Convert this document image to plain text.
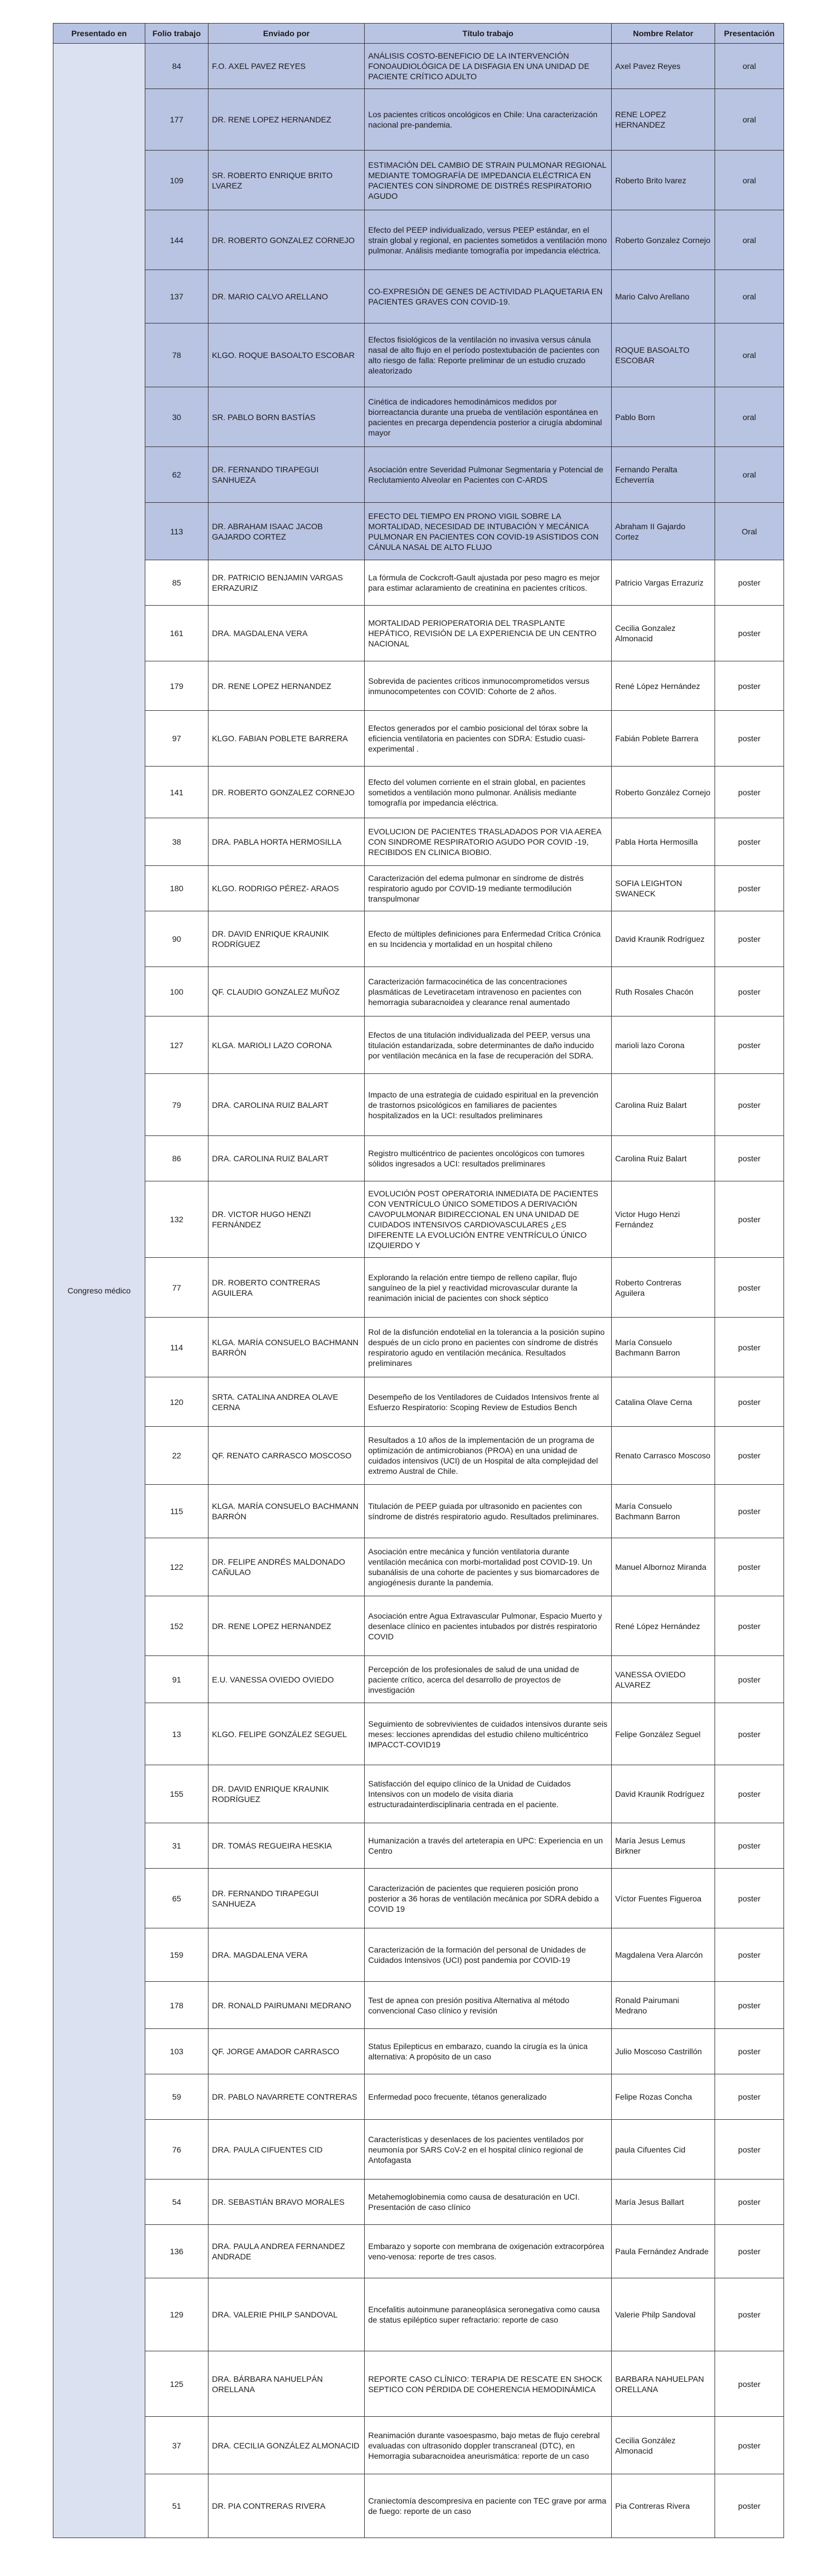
Presentado en	Folio trabajo	Enviado por	Título trabajo	Nombre Relator	Presentación
Congreso médico	84	F.O. AXEL PAVEZ REYES	ANÁLISIS COSTO-BENEFICIO DE LA INTERVENCIÓN FONOAUDIOLÓGICA DE LA DISFAGIA EN UNA UNIDAD DE PACIENTE CRÍTICO ADULTO	Axel Pavez Reyes	oral
	177	DR. RENE LOPEZ HERNANDEZ	Los pacientes críticos oncológicos en Chile: Una caracterización nacional pre-pandemia.	RENE LOPEZ HERNANDEZ	oral
	109	SR. ROBERTO ENRIQUE BRITO LVAREZ	ESTIMACIÓN DEL CAMBIO DE STRAIN PULMONAR REGIONAL MEDIANTE TOMOGRAFÍA DE IMPEDANCIA ELÉCTRICA EN PACIENTES CON SÍNDROME DE DISTRÉS RESPIRATORIO AGUDO	Roberto Brito lvarez	oral
	144	DR. ROBERTO GONZALEZ CORNEJO	Efecto del PEEP individualizado, versus PEEP estándar, en el strain global y regional, en pacientes sometidos a ventilación mono pulmonar. Análisis mediante tomografía por impedancia eléctrica.	Roberto Gonzalez Cornejo	oral
	137	DR. MARIO CALVO ARELLANO	CO-EXPRESIÓN DE GENES DE ACTIVIDAD PLAQUETARIA EN PACIENTES GRAVES CON COVID-19.	Mario Calvo Arellano	oral
	78	KLGO. ROQUE BASOALTO ESCOBAR	Efectos fisiológicos de la ventilación no invasiva versus cánula nasal de alto flujo en el período postextubación de pacientes con alto riesgo de falla: Reporte preliminar de un estudio cruzado aleatorizado	ROQUE BASOALTO ESCOBAR	oral
	30	SR. PABLO BORN BASTÍAS	Cinética de indicadores hemodinámicos medidos por biorreactancia durante una prueba de ventilación espontánea en pacientes en precarga dependencia posterior a cirugía abdominal mayor	Pablo Born	oral
	62	DR. FERNANDO TIRAPEGUI SANHUEZA	Asociación entre Severidad Pulmonar Segmentaria y Potencial de Reclutamiento Alveolar en Pacientes con C-ARDS	Fernando Peralta Echeverría	oral
	113	DR. ABRAHAM ISAAC JACOB GAJARDO CORTEZ	EFECTO DEL TIEMPO EN PRONO VIGIL SOBRE LA MORTALIDAD, NECESIDAD DE INTUBACIÓN Y MECÁNICA PULMONAR EN PACIENTES CON COVID-19 ASISTIDOS CON CÁNULA NASAL DE ALTO FLUJO	Abraham II Gajardo Cortez	Oral
	85	DR. PATRICIO BENJAMIN VARGAS ERRAZURIZ	La fórmula de Cockcroft-Gault ajustada por peso magro es mejor para estimar aclaramiento de creatinina en pacientes críticos.	Patricio Vargas Errazuriz	poster
	161	DRA. MAGDALENA VERA	MORTALIDAD PERIOPERATORIA DEL TRASPLANTE HEPÁTICO, REVISIÓN DE LA EXPERIENCIA DE UN CENTRO NACIONAL	Cecilia Gonzalez Almonacid	poster
	179	DR. RENE LOPEZ HERNANDEZ	Sobrevida de pacientes críticos inmunocomprometidos versus inmunocompetentes con COVID: Cohorte de 2 años.	René López Hernández	poster
	97	KLGO. FABIAN POBLETE BARRERA	Efectos generados por el cambio posicional del tórax sobre la eficiencia ventilatoria en pacientes con SDRA: Estudio cuasi-experimental .	Fabián Poblete Barrera	poster
	141	DR. ROBERTO GONZALEZ CORNEJO	Efecto del volumen corriente en el strain global, en pacientes sometidos a ventilación mono pulmonar. Análisis mediante tomografía por impedancia eléctrica.	Roberto González Cornejo	poster
	38	DRA. PABLA HORTA HERMOSILLA	EVOLUCION DE PACIENTES TRASLADADOS POR VIA AEREA CON SINDROME RESPIRATORIO AGUDO POR COVID -19, RECIBIDOS EN CLINICA BIOBIO.	Pabla Horta Hermosilla	poster
	180	KLGO. RODRIGO PÉREZ- ARAOS	Caracterización del edema pulmonar en síndrome de distrés respiratorio agudo por COVID-19 mediante termodilución transpulmonar	SOFIA LEIGHTON SWANECK	poster
	90	DR. DAVID ENRIQUE KRAUNIK RODRÍGUEZ	Efecto de múltiples definiciones para Enfermedad Crítica Crónica en su Incidencia y mortalidad en un hospital chileno	David Kraunik Rodríguez	poster
	100	QF. CLAUDIO GONZALEZ MUÑOZ	Caracterización farmacocinética de las concentraciones plasmáticas de Levetiracetam intravenoso en pacientes con hemorragia subaracnoidea y clearance renal aumentado	Ruth Rosales Chacón	poster
	127	KLGA. MARIOLI LAZO CORONA	Efectos de una titulación individualizada del PEEP, versus una titulación estandarizada, sobre determinantes de daño inducido por ventilación mecánica en la fase de recuperación del SDRA.	marioli lazo Corona	poster
	79	DRA. CAROLINA RUIZ BALART	Impacto de una estrategia de cuidado espiritual en la prevención de trastornos psicológicos en familiares de pacientes hospitalizados en la UCI: resultados preliminares	Carolina Ruiz Balart	poster
	86	DRA. CAROLINA RUIZ BALART	Registro multicéntrico de pacientes oncológicos con tumores sólidos ingresados a UCI: resultados preliminares	Carolina Ruiz Balart	poster
	132	DR. VICTOR HUGO HENZI FERNÁNDEZ	EVOLUCIÓN POST OPERATORIA INMEDIATA DE PACIENTES CON VENTRÍCULO ÚNICO SOMETIDOS A DERIVACIÓN CAVOPULMONAR BIDIRECCIONAL EN UNA UNIDAD DE CUIDADOS INTENSIVOS CARDIOVASCULARES ¿ES DIFERENTE LA EVOLUCIÓN ENTRE VENTRÍCULO ÚNICO IZQUIERDO Y	Victor Hugo Henzi Fernández	poster
	77	DR. ROBERTO CONTRERAS AGUILERA	Explorando la relación entre tiempo de relleno capilar, flujo sanguíneo de la piel y reactividad microvascular durante la reanimación inicial de pacientes con shock séptico	Roberto Contreras Aguilera	poster
	114	KLGA. MARÍA CONSUELO BACHMANN BARRÓN	Rol de la disfunción endotelial en la tolerancia a la posición supino después de un ciclo prono en pacientes con síndrome de distrés respiratorio agudo en ventilación mecánica. Resultados preliminares	María Consuelo Bachmann Barron	poster
	120	SRTA. CATALINA ANDREA OLAVE CERNA	Desempeño de los Ventiladores de Cuidados Intensivos frente al Esfuerzo Respiratorio: Scoping Review de Estudios Bench	Catalina Olave Cerna	poster
	22	QF. RENATO CARRASCO MOSCOSO	Resultados a 10 años de la implementación de un programa de optimización de antimicrobianos (PROA) en una unidad de cuidados intensivos (UCI) de un Hospital de alta complejidad del extremo Austral de Chile.	Renato Carrasco Moscoso	poster
	115	KLGA. MARÍA CONSUELO BACHMANN BARRÓN	Titulación de PEEP guiada por ultrasonido en pacientes con síndrome de distrés respiratorio agudo. Resultados preliminares.	María Consuelo Bachmann Barron	poster
	122	DR. FELIPE ANDRÉS MALDONADO CAÑULAO	Asociación entre mecánica y función ventilatoria durante ventilación mecánica con morbi-mortalidad post COVID-19. Un subanálisis de una cohorte de pacientes y sus biomarcadores de angiogénesis durante la pandemia.	Manuel Albornoz Miranda	poster
	152	DR. RENE LOPEZ HERNANDEZ	Asociación entre Agua Extravascular Pulmonar, Espacio Muerto y desenlace clínico en pacientes intubados por distrés respiratorio COVID	René López Hernández	poster
	91	E.U. VANESSA OVIEDO OVIEDO	Percepción de los profesionales de salud de una unidad de paciente crítico, acerca del desarrollo de proyectos de investigación	VANESSA OVIEDO ALVAREZ	poster
	13	KLGO. FELIPE GONZÁLEZ SEGUEL	Seguimiento de sobrevivientes de cuidados intensivos durante seis meses: lecciones aprendidas del estudio chileno multicéntrico IMPACCT-COVID19	Felipe González Seguel	poster
	155	DR. DAVID ENRIQUE KRAUNIK RODRÍGUEZ	Satisfacción del equipo clínico de la Unidad de Cuidados Intensivos con un modelo de visita diaria estructuradainterdisciplinaria centrada en el paciente.	David Kraunik Rodríguez	poster
	31	DR. TOMÁS REGUEIRA HESKIA	Humanización a través del arteterapia en UPC: Experiencia en un Centro	María Jesus Lemus Birkner	poster
	65	DR. FERNANDO TIRAPEGUI SANHUEZA	Caracterización de pacientes que requieren posición prono posterior a 36 horas de ventilación mecánica por SDRA debido a COVID 19	Víctor Fuentes Figueroa	poster
	159	DRA. MAGDALENA VERA	Caracterización de la formación del personal de Unidades de Cuidados Intensivos (UCI) post pandemia por COVID-19	Magdalena Vera Alarcón	poster
	178	DR. RONALD PAIRUMANI MEDRANO	Test de apnea con presión positiva Alternativa al método convencional Caso clínico y revisión	Ronald Pairumani Medrano	poster
	103	QF. JORGE AMADOR CARRASCO	Status Epilepticus en embarazo, cuando la cirugía es la única alternativa: A propósito de un caso	Julio Moscoso Castrillón	poster
	59	DR. PABLO NAVARRETE CONTRERAS	Enfermedad poco frecuente, tétanos generalizado	Felipe Rozas Concha	poster
	76	DRA. PAULA CIFUENTES CID	Características y desenlaces de los pacientes ventilados por neumonía por SARS CoV-2 en el hospital clínico regional de Antofagasta	paula Cifuentes Cid	poster
	54	DR. SEBASTIÁN BRAVO MORALES	Metahemoglobinemia como causa de desaturación en UCI. Presentación de caso clínico	María Jesus Ballart	poster
	136	DRA. PAULA ANDREA FERNANDEZ ANDRADE	Embarazo y soporte con membrana de oxigenación extracorpórea veno-venosa: reporte de tres casos.	Paula Fernández Andrade	poster
	129	DRA. VALERIE PHILP SANDOVAL	Encefalitis autoinmune paraneoplásica seronegativa como causa de status epiléptico super refractario: reporte de caso	Valerie Philp Sandoval	poster
	125	DRA. BÁRBARA NAHUELPÁN ORELLANA	REPORTE CASO CLÍNICO: TERAPIA DE RESCATE EN SHOCK SEPTICO CON PÉRDIDA DE COHERENCIA HEMODINÁMICA	BARBARA NAHUELPAN ORELLANA	poster
	37	DRA. CECILIA GONZÁLEZ ALMONACID	Reanimación durante vasoespasmo, bajo metas de flujo cerebral evaluadas con ultrasonido doppler transcraneal (DTC), en Hemorragia subaracnoidea aneurismática: reporte de un caso	Cecilia González Almonacid	poster
	51	DR. PIA CONTRERAS RIVERA	Craniectomía descompresiva en paciente con TEC grave por arma de fuego: reporte de un caso	Pia Contreras Rivera	poster
